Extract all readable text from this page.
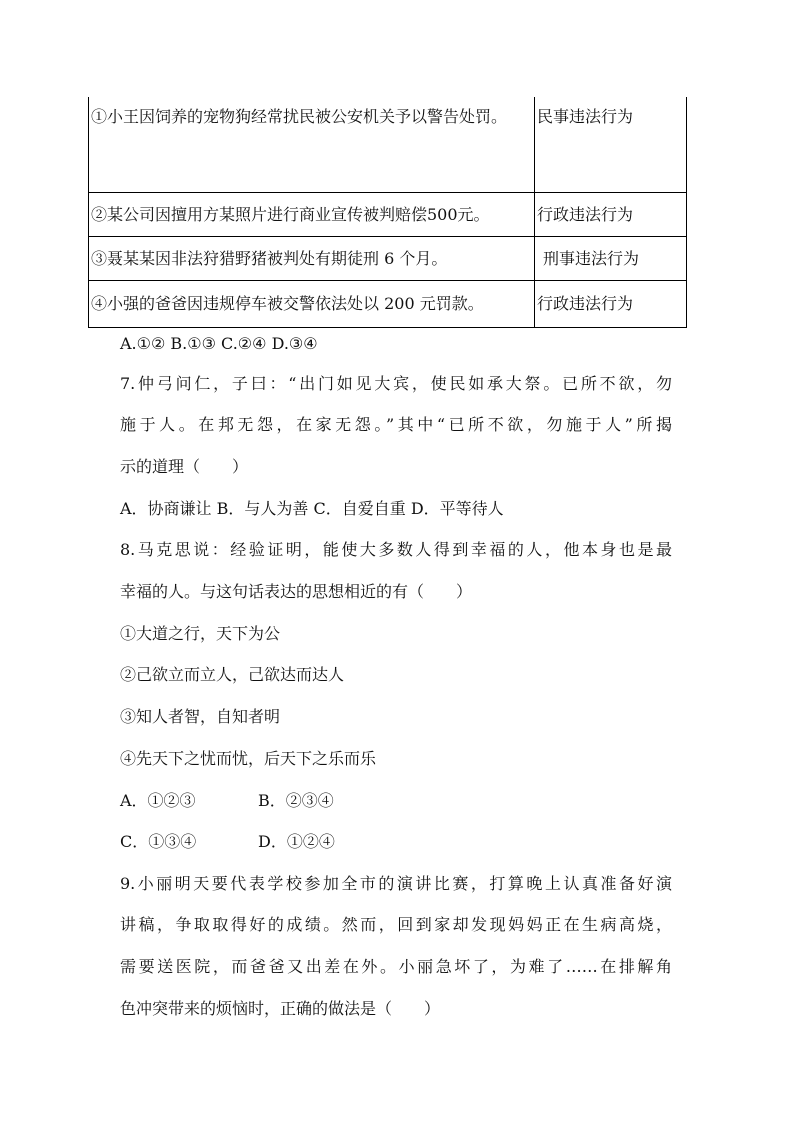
①小王因饲养的宠物狗经常扰民被公安机关予以警告处罚。	民事违法行为
②某公司因擅用方某照片进行商业宣传被判赔偿500元。	行政违法行为
③聂某某因非法狩猎野猪被判处有期徒刑 6 个月。	刑事违法行为
④小强的爸爸因违规停车被交警依法处以 200 元罚款。	行政违法行为
A.①② B.①③ C.②④ D.③④
7.仲弓问仁，子曰：“出门如见大宾，使民如承大祭。已所不欲，勿
施于人。在邦无怨，在家无怨。”其中“已所不欲，勿施于人”所揭
示的道理（　　）
A．协商谦让 B．与人为善 C．自爱自重 D．平等待人
8.马克思说：经验证明，能使大多数人得到幸福的人，他本身也是最
幸福的人。与这句话表达的思想相近的有（　　）
①大道之行，天下为公
②己欲立而立人，己欲达而达人
③知人者智，自知者明
④先天下之忧而忧，后天下之乐而乐
A．①②③	B．②③④
C．①③④	D．①②④
9.小丽明天要代表学校参加全市的演讲比赛，打算晚上认真准备好演
讲稿，争取取得好的成绩。然而，回到家却发现妈妈正在生病高烧，
需要送医院，而爸爸又出差在外。小丽急坏了，为难了……在排解角
色冲突带来的烦恼时，正确的做法是（　　）
